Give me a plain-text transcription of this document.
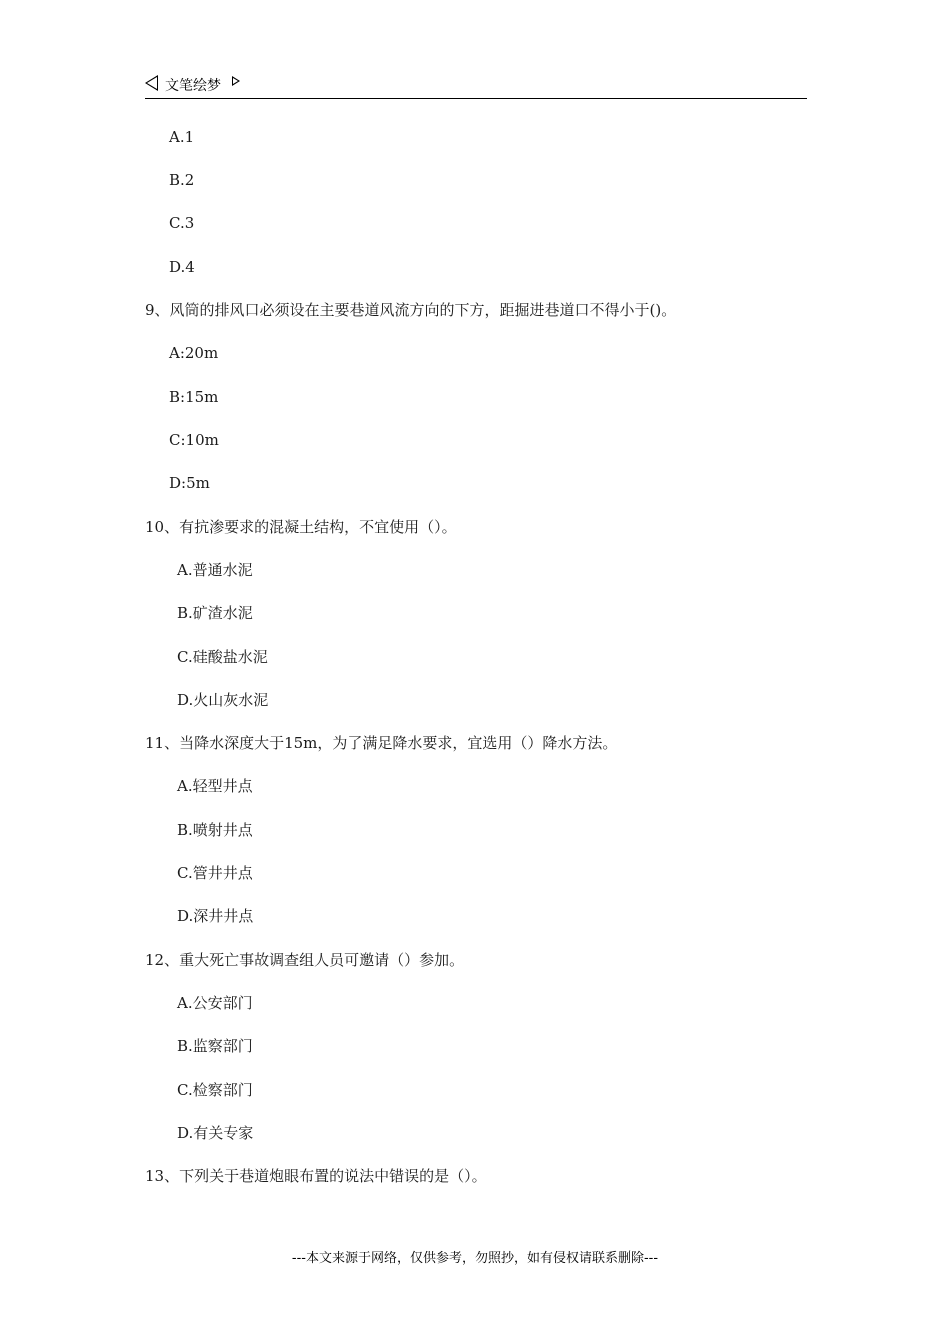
文笔绘梦
A.1
B.2
C.3
D.4
9、风筒的排风口必须设在主要巷道风流方向的下方，距掘进巷道口不得小于()。
A:20m
B:15m
C:10m
D:5m
10、有抗渗要求的混凝土结构，不宜使用（）。
A.普通水泥
B.矿渣水泥
C.硅酸盐水泥
D.火山灰水泥
11、当降水深度大于15m，为了满足降水要求，宜选用（）降水方法。
A.轻型井点
B.喷射井点
C.管井井点
D.深井井点
12、重大死亡事故调查组人员可邀请（）参加。
A.公安部门
B.监察部门
C.检察部门
D.有关专家
13、下列关于巷道炮眼布置的说法中错误的是（）。
---本文来源于网络，仅供参考，勿照抄，如有侵权请联系删除---
